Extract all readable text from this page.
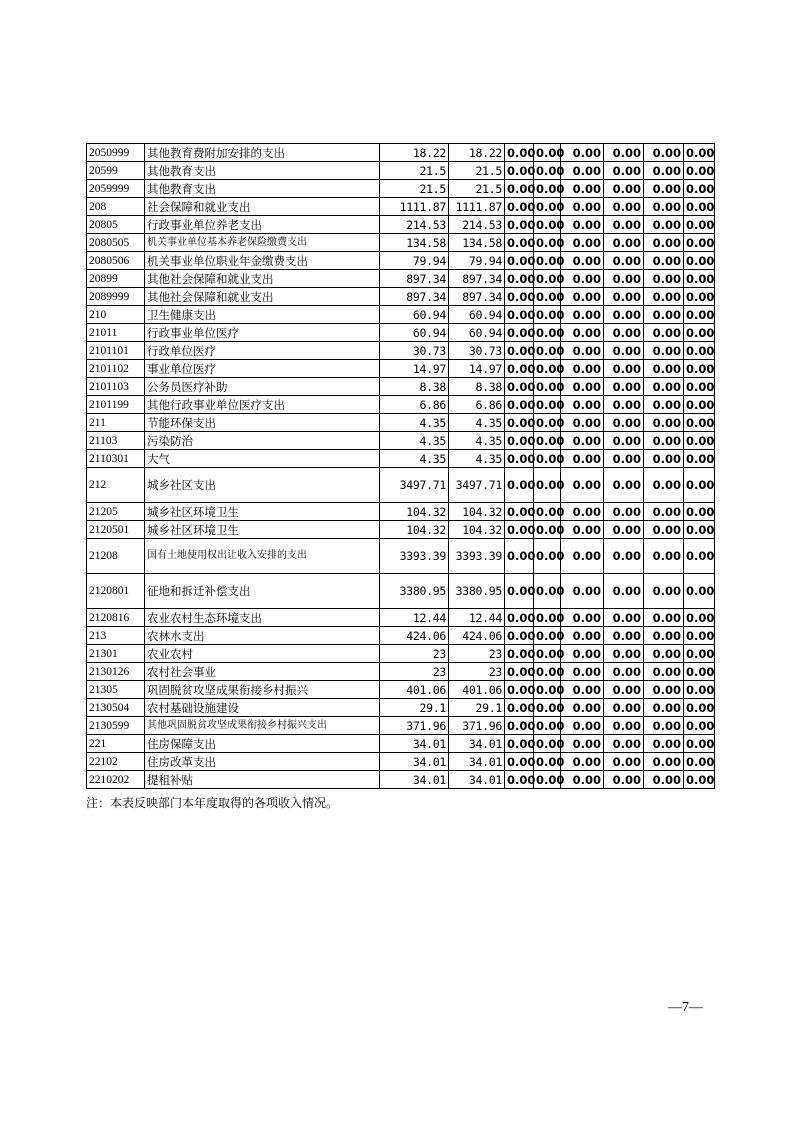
2050999	其他教育费附加安排的支出	18.22	18.22	0.00	0.00	0.00	0.00	0.00	0.00
20599	其他教育支出	21.5	21.5	0.00	0.00	0.00	0.00	0.00	0.00
2059999	其他教育支出	21.5	21.5	0.00	0.00	0.00	0.00	0.00	0.00
208	社会保障和就业支出	1111.87	1111.87	0.00	0.00	0.00	0.00	0.00	0.00
20805	行政事业单位养老支出	214.53	214.53	0.00	0.00	0.00	0.00	0.00	0.00
2080505	机关事业单位基本养老保险缴费支出	134.58	134.58	0.00	0.00	0.00	0.00	0.00	0.00
2080506	机关事业单位职业年金缴费支出	79.94	79.94	0.00	0.00	0.00	0.00	0.00	0.00
20899	其他社会保障和就业支出	897.34	897.34	0.00	0.00	0.00	0.00	0.00	0.00
2089999	其他社会保障和就业支出	897.34	897.34	0.00	0.00	0.00	0.00	0.00	0.00
210	卫生健康支出	60.94	60.94	0.00	0.00	0.00	0.00	0.00	0.00
21011	行政事业单位医疗	60.94	60.94	0.00	0.00	0.00	0.00	0.00	0.00
2101101	行政单位医疗	30.73	30.73	0.00	0.00	0.00	0.00	0.00	0.00
2101102	事业单位医疗	14.97	14.97	0.00	0.00	0.00	0.00	0.00	0.00
2101103	公务员医疗补助	8.38	8.38	0.00	0.00	0.00	0.00	0.00	0.00
2101199	其他行政事业单位医疗支出	6.86	6.86	0.00	0.00	0.00	0.00	0.00	0.00
211	节能环保支出	4.35	4.35	0.00	0.00	0.00	0.00	0.00	0.00
21103	污染防治	4.35	4.35	0.00	0.00	0.00	0.00	0.00	0.00
2110301	大气	4.35	4.35	0.00	0.00	0.00	0.00	0.00	0.00
212	城乡社区支出	3497.71	3497.71	0.00	0.00	0.00	0.00	0.00	0.00
21205	城乡社区环境卫生	104.32	104.32	0.00	0.00	0.00	0.00	0.00	0.00
2120501	城乡社区环境卫生	104.32	104.32	0.00	0.00	0.00	0.00	0.00	0.00
21208	国有土地使用权出让收入安排的支出	3393.39	3393.39	0.00	0.00	0.00	0.00	0.00	0.00
2120801	征地和拆迁补偿支出	3380.95	3380.95	0.00	0.00	0.00	0.00	0.00	0.00
2120816	农业农村生态环境支出	12.44	12.44	0.00	0.00	0.00	0.00	0.00	0.00
213	农林水支出	424.06	424.06	0.00	0.00	0.00	0.00	0.00	0.00
21301	农业农村	23	23	0.00	0.00	0.00	0.00	0.00	0.00
2130126	农村社会事业	23	23	0.00	0.00	0.00	0.00	0.00	0.00
21305	巩固脱贫攻坚成果衔接乡村振兴	401.06	401.06	0.00	0.00	0.00	0.00	0.00	0.00
2130504	农村基础设施建设	29.1	29.1	0.00	0.00	0.00	0.00	0.00	0.00
2130599	其他巩固脱贫攻坚成果衔接乡村振兴支出	371.96	371.96	0.00	0.00	0.00	0.00	0.00	0.00
221	住房保障支出	34.01	34.01	0.00	0.00	0.00	0.00	0.00	0.00
22102	住房改革支出	34.01	34.01	0.00	0.00	0.00	0.00	0.00	0.00
2210202	提租补贴	34.01	34.01	0.00	0.00	0.00	0.00	0.00	0.00
注：本表反映部门本年度取得的各项收入情况。
—7—
